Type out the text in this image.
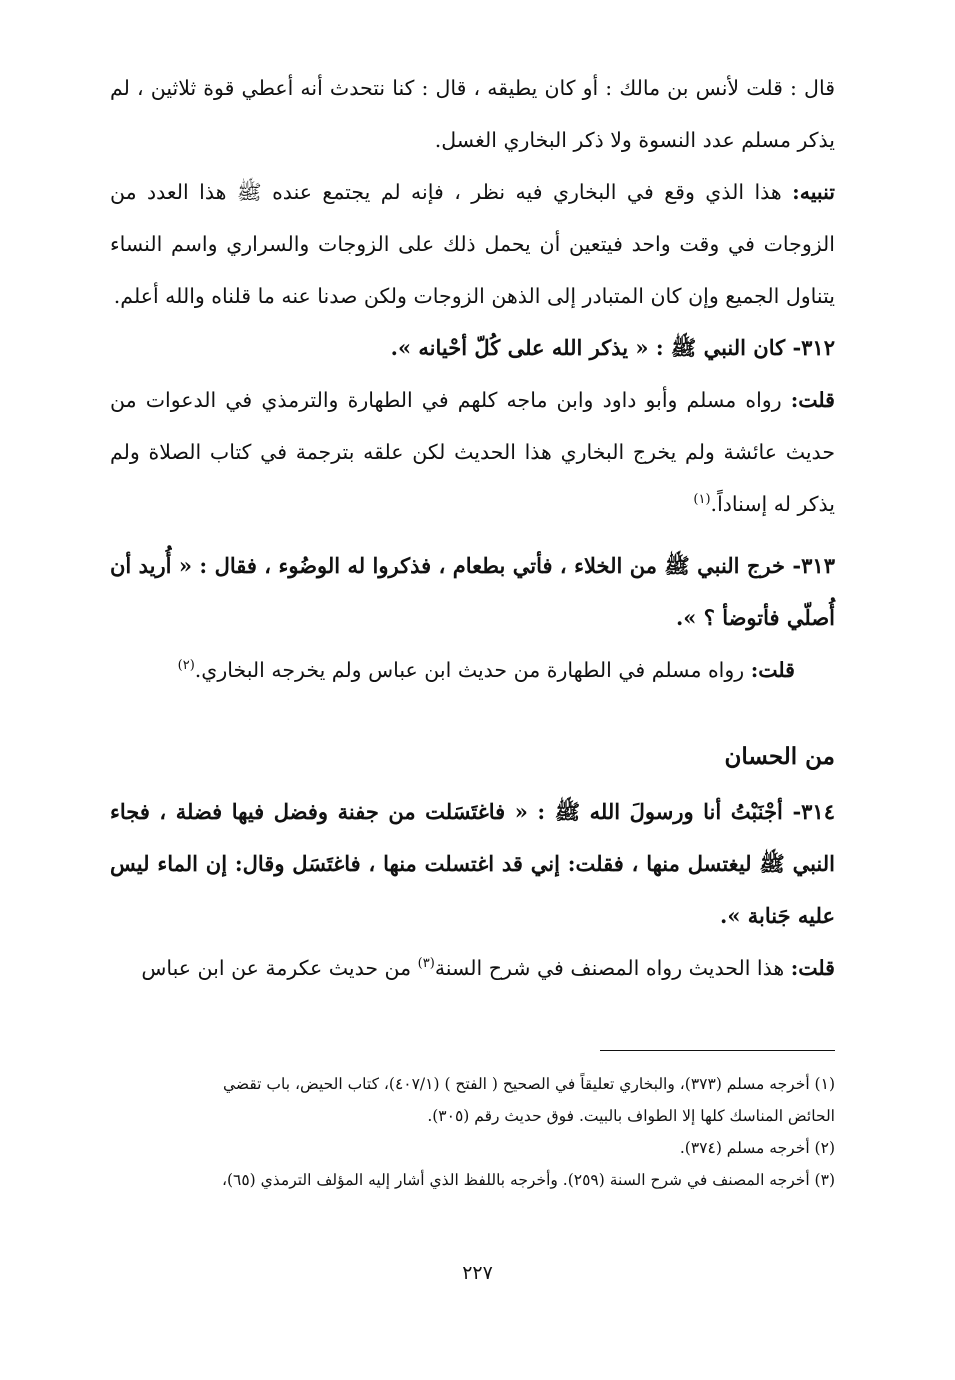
قال : قلت لأنس بن مالك : أو كان يطيقه ، قال : كنا نتحدث أنه أعطي قوة ثلاثين ، لم يذكر مسلم عدد النسوة ولا ذكر البخاري الغسل.

تنبيه: هذا الذي وقع في البخاري فيه نظر ، فإنه لم يجتمع عنده ﷺ هذا العدد من الزوجات في وقت واحد فيتعين أن يحمل ذلك على الزوجات والسراري واسم النساء يتناول الجميع وإن كان المتبادر إلى الذهن الزوجات ولكن صدنا عنه ما قلناه والله أعلم.

٣١٢- كان النبي ﷺ : « يذكر الله على كُلّ أحْيانه ».

قلت: رواه مسلم وأبو داود وابن ماجه كلهم في الطهارة والترمذي في الدعوات من حديث عائشة ولم يخرج البخاري هذا الحديث لكن علقه بترجمة في كتاب الصلاة ولم يذكر له إسناداً.$^{(١)}$

٣١٣- خرج النبي ﷺ من الخلاء ، فأتي بطعام ، فذكروا له الوضُوء ، فقال : « أُريد أن أُصلّي فأتوضأ ؟ ».

قلت: رواه مسلم في الطهارة من حديث ابن عباس ولم يخرجه البخاري.$^{(٢)}$

من الحسان

٣١٤- أجْنَبْتُ أنا ورسولَ الله ﷺ : « فاغتَسَلت من جفنة وفضل فيها فضلة ، فجاء النبي ﷺ ليغتسل منها ، فقلت: إني قد اغتسلت منها ، فاغتَسَل وقال: إن الماء ليس عليه جَنابة ».

قلت: هذا الحديث رواه المصنف في شرح السنة$^{(٣)}$ من حديث عكرمة عن ابن عباس

(١) أخرجه مسلم (٣٧٣)، والبخاري تعليقاً في الصحيح ( الفتح ) (٤٠٧/١)، كتاب الحيض، باب تقضي

الحائض المناسك كلها إلا الطواف بالبيت. فوق حديث رقم (٣٠٥).

(٢) أخرجه مسلم (٣٧٤).

(٣) أخرجه المصنف في شرح السنة (٢٥٩). وأخرجه باللفظ الذي أشار إليه المؤلف الترمذي (٦٥)،

٢٢٧
